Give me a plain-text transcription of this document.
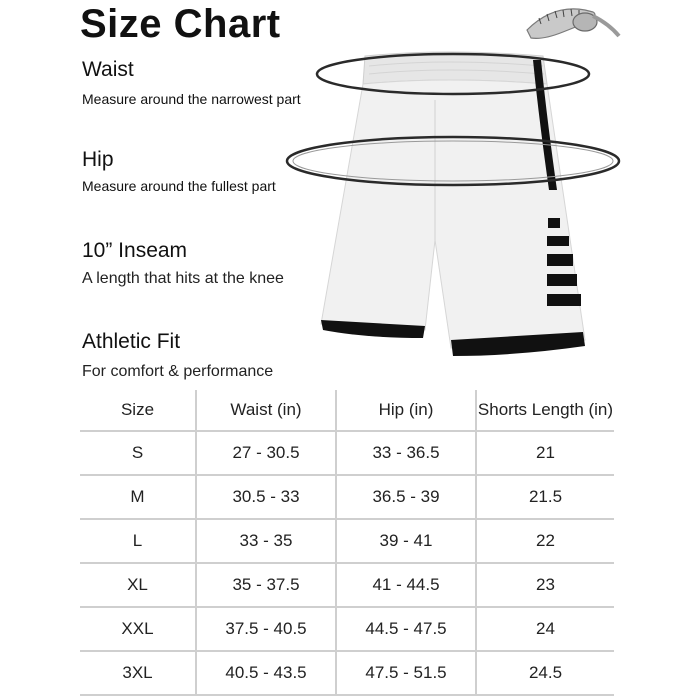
Size Chart
Waist
Measure around the narrowest part
Hip
Measure around the fullest part
10” Inseam
A length that hits at the knee
Athletic Fit
For comfort & performance
Size	Waist (in)	Hip (in)	Shorts Length (in)
S	27 - 30.5	33 - 36.5	21
M	30.5 - 33	36.5 - 39	21.5
L	33 - 35	39 - 41	22
XL	35 - 37.5	41 - 44.5	23
XXL	37.5 - 40.5	44.5 - 47.5	24
3XL	40.5 - 43.5	47.5 - 51.5	24.5
